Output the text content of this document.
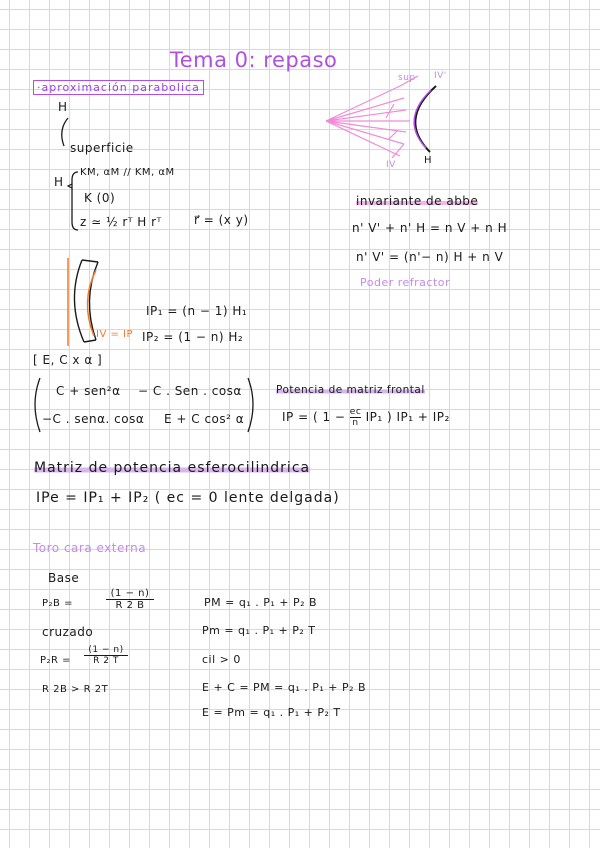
Tema 0: repaso
·aproximación parabolica
H
superficie
H
KM, αM // KM, αM
K (0)
z ≃ ½ rᵀ H rᵀ	r⃗ = (x y)
sup IV'
IV	H
invariante de abbe
n' V' + n' H = n V + n H
n' V' = (n'− n) H + n V
Poder refractor
IV = IP
IP₁ = (n − 1) H₁
IP₂ = (1 − n) H₂
[ E, C x α ]
C + sen²α − C . Sen . cosα
−C . senα. cosα E + C cos² α
Potencia de matriz frontal
IP = ( $1 - \frac{ec}{n} IP_1$ ) IP₁ + IP₂
Matriz de potencia esferocilindrica
IPe = IP₁ + IP₂ ( ec = 0 lente delgada)
Toro cara externa
Base
P₂B =	$\frac{(1 - n)}{R 2 B}$
cruzado
$P_2R = \frac{(1 - n)}{R 2 T}$
R 2B > R 2T
PM = q₁ . P₁ + P₂ B
Pm = q₁ . P₁ + P₂ T
cil > 0
E + C = PM = q₁ . P₁ + P₂ B
E = Pm = q₁ . P₁ + P₂ T
